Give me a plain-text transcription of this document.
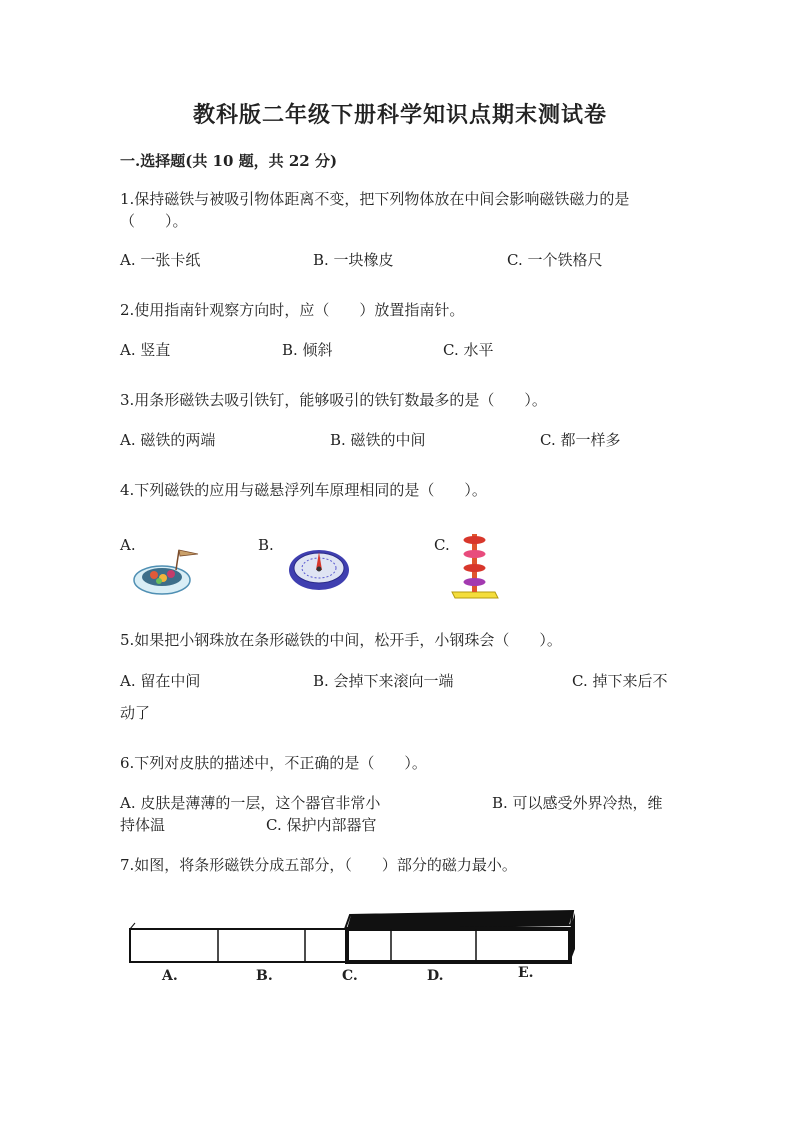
教科版二年级下册科学知识点期末测试卷
一.选择题(共 10 题，共 22 分)
1.保持磁铁与被吸引物体距离不变，把下列物体放在中间会影响磁铁磁力的是
（　　）。
A. 一张卡纸	B. 一块橡皮	C. 一个铁格尺
2.使用指南针观察方向时，应（　　）放置指南针。
A. 竖直	B. 倾斜	C. 水平
3.用条形磁铁去吸引铁钉，能够吸引的铁钉数最多的是（　　）。
A. 磁铁的两端	B. 磁铁的中间	C. 都一样多
4.下列磁铁的应用与磁悬浮列车原理相同的是（　　）。
A.	B.	C.
5.如果把小钢珠放在条形磁铁的中间，松开手，小钢珠会（　　）。
A. 留在中间	B. 会掉下来滚向一端	C. 掉下来后不
动了
6.下列对皮肤的描述中，不正确的是（　　）。
A. 皮肤是薄薄的一层，这个器官非常小	B. 可以感受外界冷热，维
持体温	C. 保护内部器官
7.如图，将条形磁铁分成五部分，（　　）部分的磁力最小。
A.	B.	C.	D.	E.
